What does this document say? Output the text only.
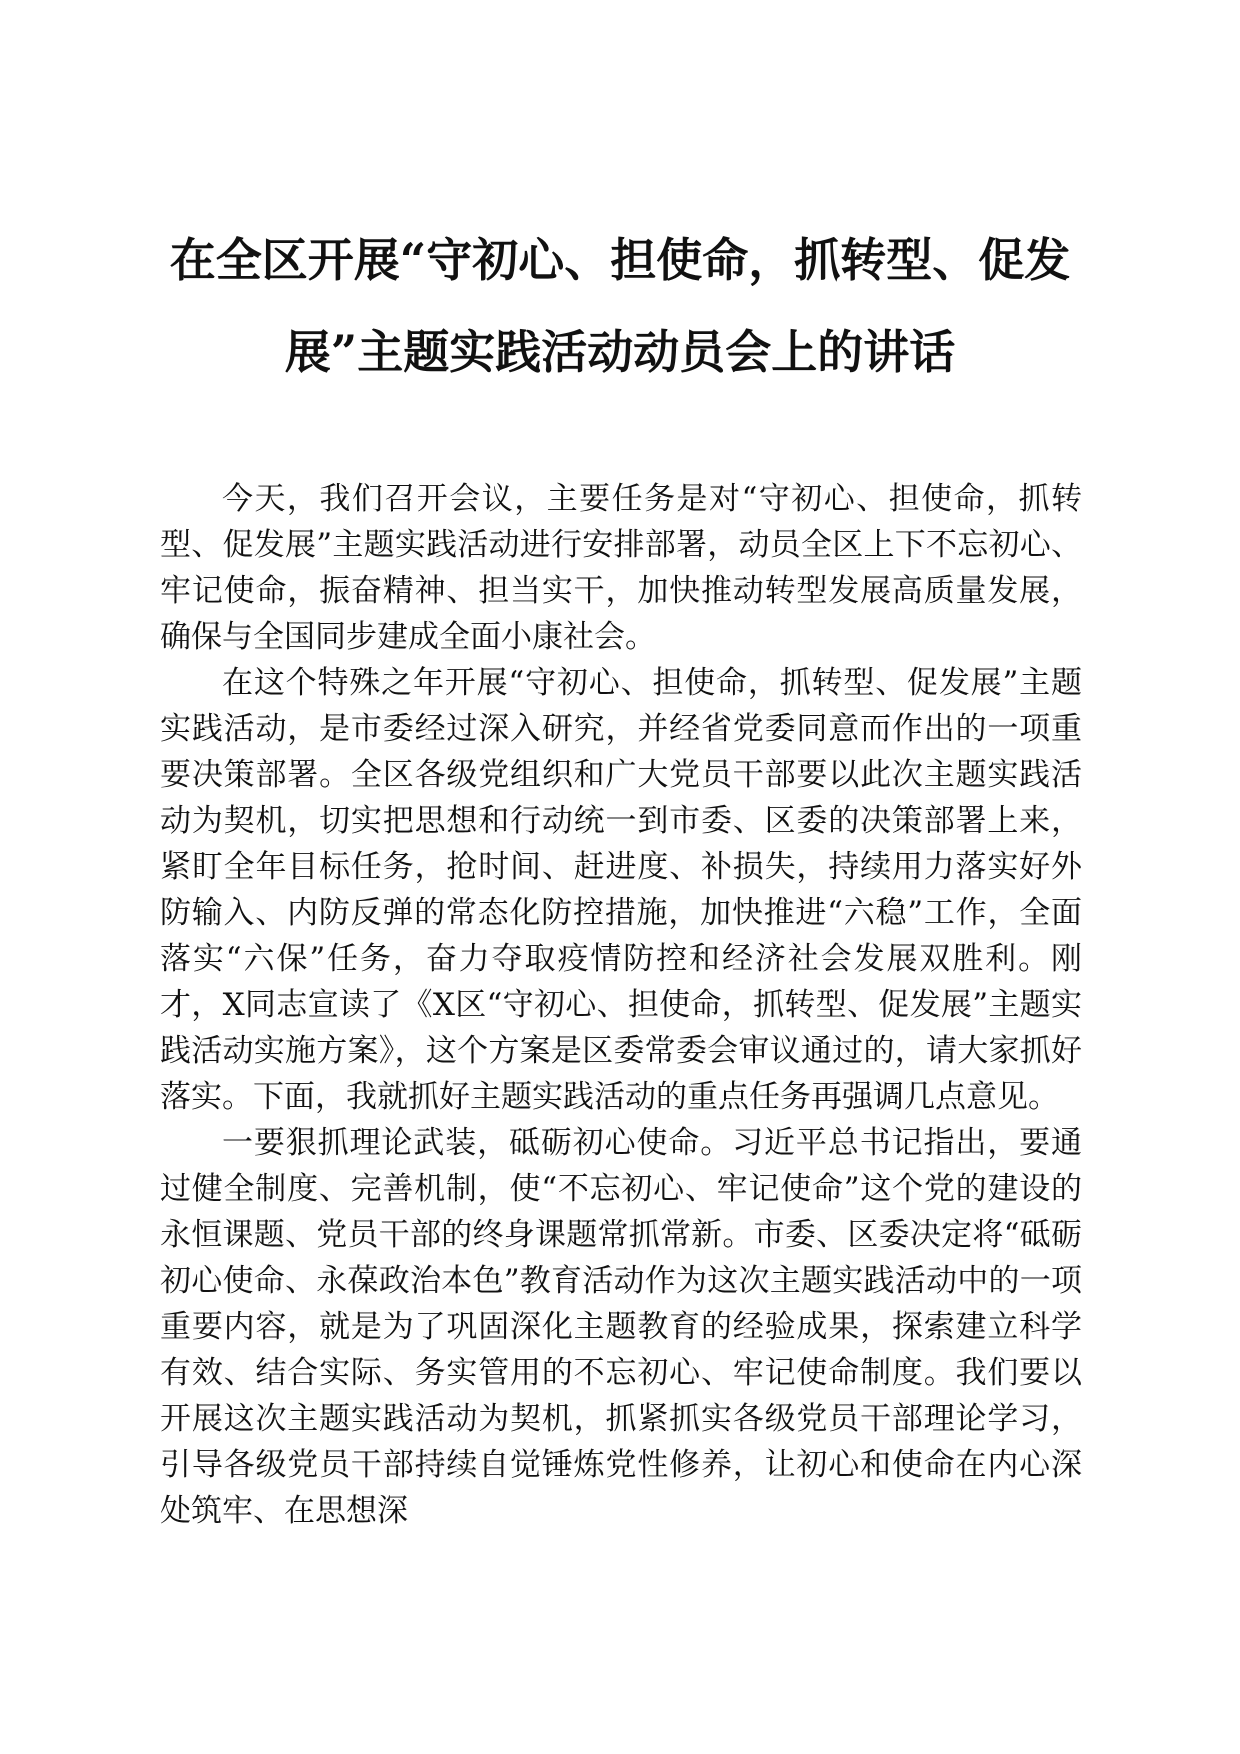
在全区开展“守初心、担使命，抓转型、促发
展”主题实践活动动员会上的讲话

今天，我们召开会议，主要任务是对“守初心、担使命，抓转型、促发展”主题实践活动进行安排部署，动员全区上下不忘初心、牢记使命，振奋精神、担当实干，加快推动转型发展高质量发展，确保与全国同步建成全面小康社会。

在这个特殊之年开展“守初心、担使命，抓转型、促发展”主题实践活动，是市委经过深入研究，并经省党委同意而作出的一项重要决策部署。全区各级党组织和广大党员干部要以此次主题实践活动为契机，切实把思想和行动统一到市委、区委的决策部署上来，紧盯全年目标任务，抢时间、赶进度、补损失，持续用力落实好外防输入、内防反弹的常态化防控措施，加快推进“六稳”工作，全面落实“六保”任务，奋力夺取疫情防控和经济社会发展双胜利。刚才，X同志宣读了《X区“守初心、担使命，抓转型、促发展”主题实践活动实施方案》，这个方案是区委常委会审议通过的，请大家抓好落实。下面，我就抓好主题实践活动的重点任务再强调几点意见。

一要狠抓理论武装，砥砺初心使命。习近平总书记指出，要通过健全制度、完善机制，使“不忘初心、牢记使命”这个党的建设的永恒课题、党员干部的终身课题常抓常新。市委、区委决定将“砥砺初心使命、永葆政治本色”教育活动作为这次主题实践活动中的一项重要内容，就是为了巩固深化主题教育的经验成果，探索建立科学有效、结合实际、务实管用的不忘初心、牢记使命制度。我们要以开展这次主题实践活动为契机，抓紧抓实各级党员干部理论学习，引导各级党员干部持续自觉锤炼党性修养，让初心和使命在内心深处筑牢、在思想深
